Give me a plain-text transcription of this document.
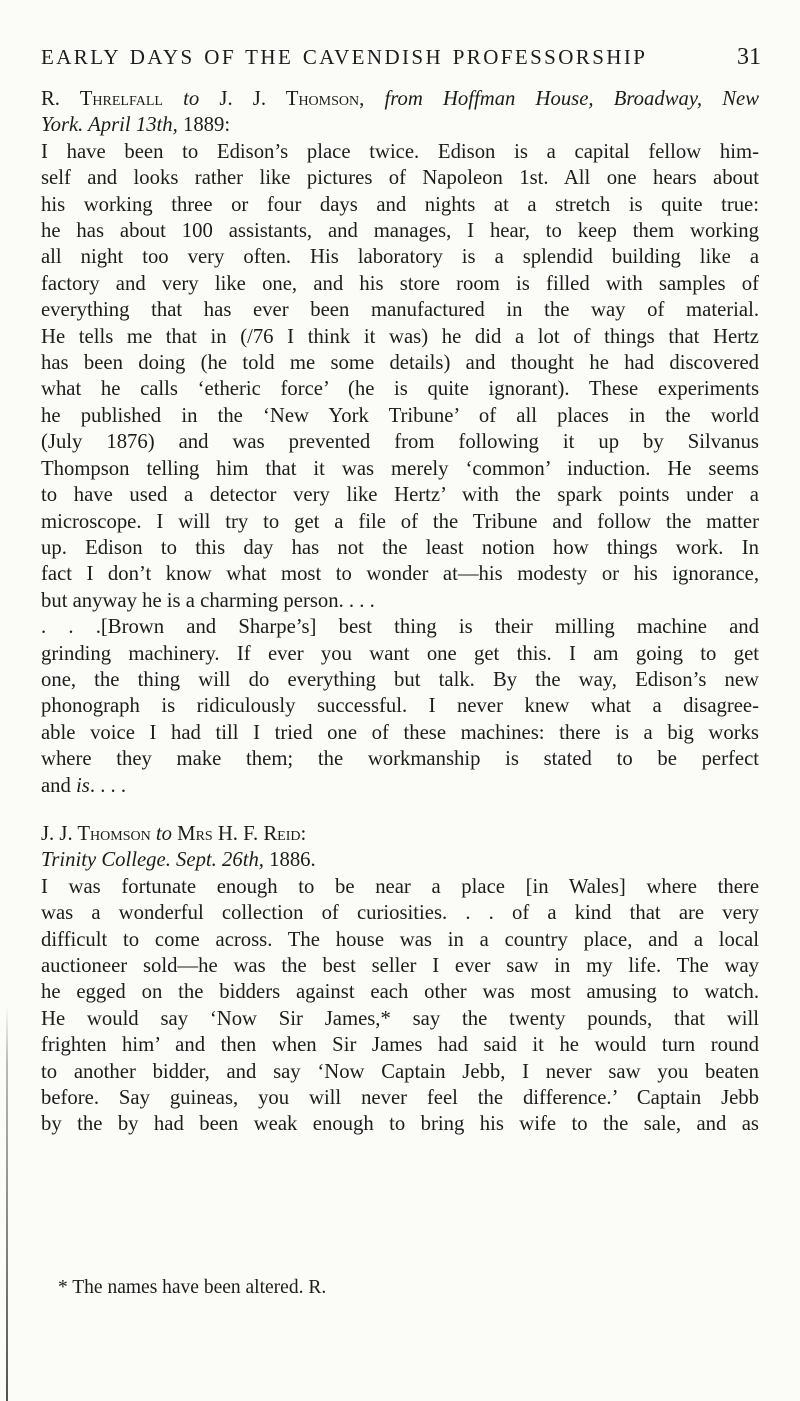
EARLY DAYS OF THE CAVENDISH PROFESSORSHIP	31
R. Threlfall to J. J. Thomson, from Hoffman House, Broadway, New
York. April 13th, 1889:
I have been to Edison’s place twice. Edison is a capital fellow him-
self and looks rather like pictures of Napoleon 1st. All one hears about
his working three or four days and nights at a stretch is quite true:
he has about 100 assistants, and manages, I hear, to keep them working
all night too very often. His laboratory is a splendid building like a
factory and very like one, and his store room is filled with samples of
everything that has ever been manufactured in the way of material.
He tells me that in (/76 I think it was) he did a lot of things that Hertz
has been doing (he told me some details) and thought he had discovered
what he calls ‘etheric force’ (he is quite ignorant). These experiments
he published in the ‘New York Tribune’ of all places in the world
(July 1876) and was prevented from following it up by Silvanus
Thompson telling him that it was merely ‘common’ induction. He seems
to have used a detector very like Hertz’ with the spark points under a
microscope. I will try to get a file of the Tribune and follow the matter
up. Edison to this day has not the least notion how things work. In
fact I don’t know what most to wonder at—his modesty or his ignorance,
but anyway he is a charming person. . . .
. . .[Brown and Sharpe’s] best thing is their milling machine and
grinding machinery. If ever you want one get this. I am going to get
one, the thing will do everything but talk. By the way, Edison’s new
phonograph is ridiculously successful. I never knew what a disagree-
able voice I had till I tried one of these machines: there is a big works
where they make them; the workmanship is stated to be perfect
and is. . . .
J. J. Thomson to Mrs H. F. Reid:
Trinity College. Sept. 26th, 1886.
I was fortunate enough to be near a place [in Wales] where there
was a wonderful collection of curiosities. . . of a kind that are very
difficult to come across. The house was in a country place, and a local
auctioneer sold—he was the best seller I ever saw in my life. The way
he egged on the bidders against each other was most amusing to watch.
He would say ‘Now Sir James,* say the twenty pounds, that will
frighten him’ and then when Sir James had said it he would turn round
to another bidder, and say ‘Now Captain Jebb, I never saw you beaten
before. Say guineas, you will never feel the difference.’ Captain Jebb
by the by had been weak enough to bring his wife to the sale, and as
* The names have been altered. R.
